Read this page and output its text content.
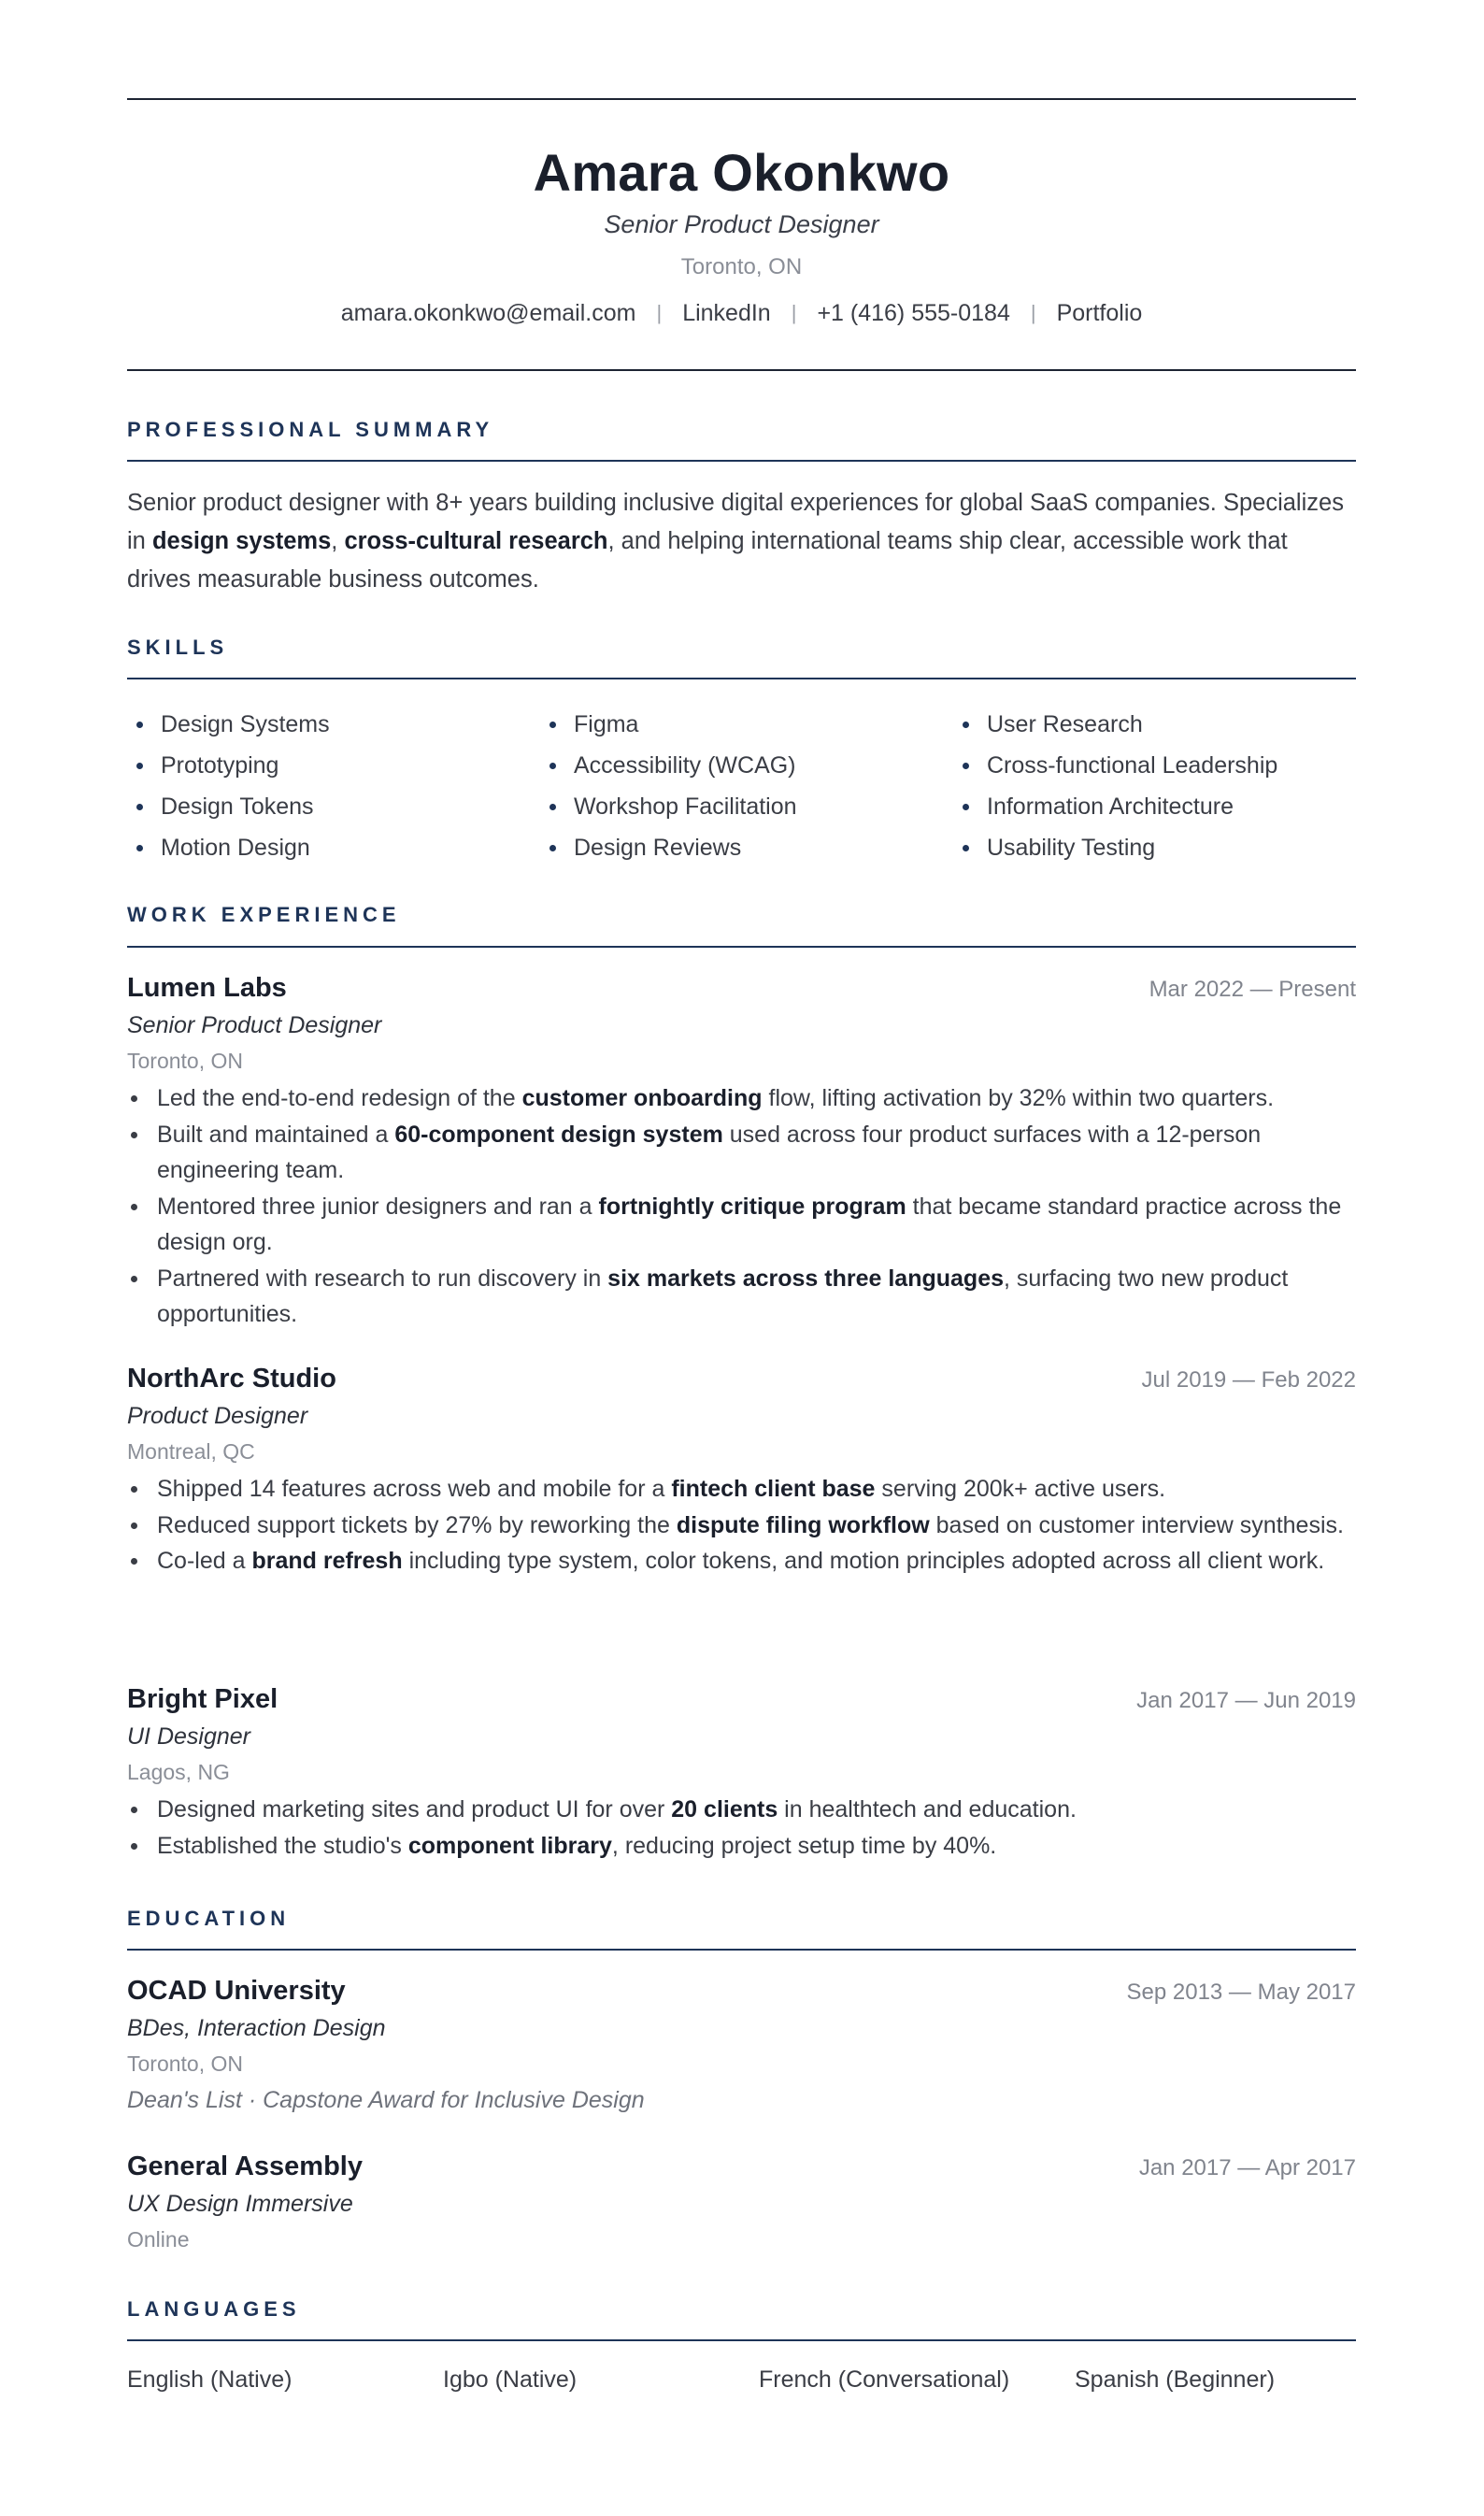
Amara Okonkwo
Senior Product Designer
Toronto, ON
amara.okonkwo@email.com | LinkedIn | +1 (416) 555-0184 | Portfolio
PROFESSIONAL SUMMARY
Senior product designer with 8+ years building inclusive digital experiences for global SaaS companies. Specializes in design systems, cross-cultural research, and helping international teams ship clear, accessible work that drives measurable business outcomes.
SKILLS
Design Systems
Prototyping
Design Tokens
Motion Design
Figma
Accessibility (WCAG)
Workshop Facilitation
Design Reviews
User Research
Cross-functional Leadership
Information Architecture
Usability Testing
WORK EXPERIENCE
Lumen Labs	Mar 2022 — Present
Senior Product Designer
Toronto, ON
Led the end-to-end redesign of the customer onboarding flow, lifting activation by 32% within two quarters.
Built and maintained a 60-component design system used across four product surfaces with a 12-person engineering team.
Mentored three junior designers and ran a fortnightly critique program that became standard practice across the design org.
Partnered with research to run discovery in six markets across three languages, surfacing two new product opportunities.
NorthArc Studio	Jul 2019 — Feb 2022
Product Designer
Montreal, QC
Shipped 14 features across web and mobile for a fintech client base serving 200k+ active users.
Reduced support tickets by 27% by reworking the dispute filing workflow based on customer interview synthesis.
Co-led a brand refresh including type system, color tokens, and motion principles adopted across all client work.
Bright Pixel	Jan 2017 — Jun 2019
UI Designer
Lagos, NG
Designed marketing sites and product UI for over 20 clients in healthtech and education.
Established the studio's component library, reducing project setup time by 40%.
EDUCATION
OCAD University	Sep 2013 — May 2017
BDes, Interaction Design
Toronto, ON
Dean's List · Capstone Award for Inclusive Design
General Assembly	Jan 2017 — Apr 2017
UX Design Immersive
Online
LANGUAGES
English (Native)	Igbo (Native)	French (Conversational)	Spanish (Beginner)
